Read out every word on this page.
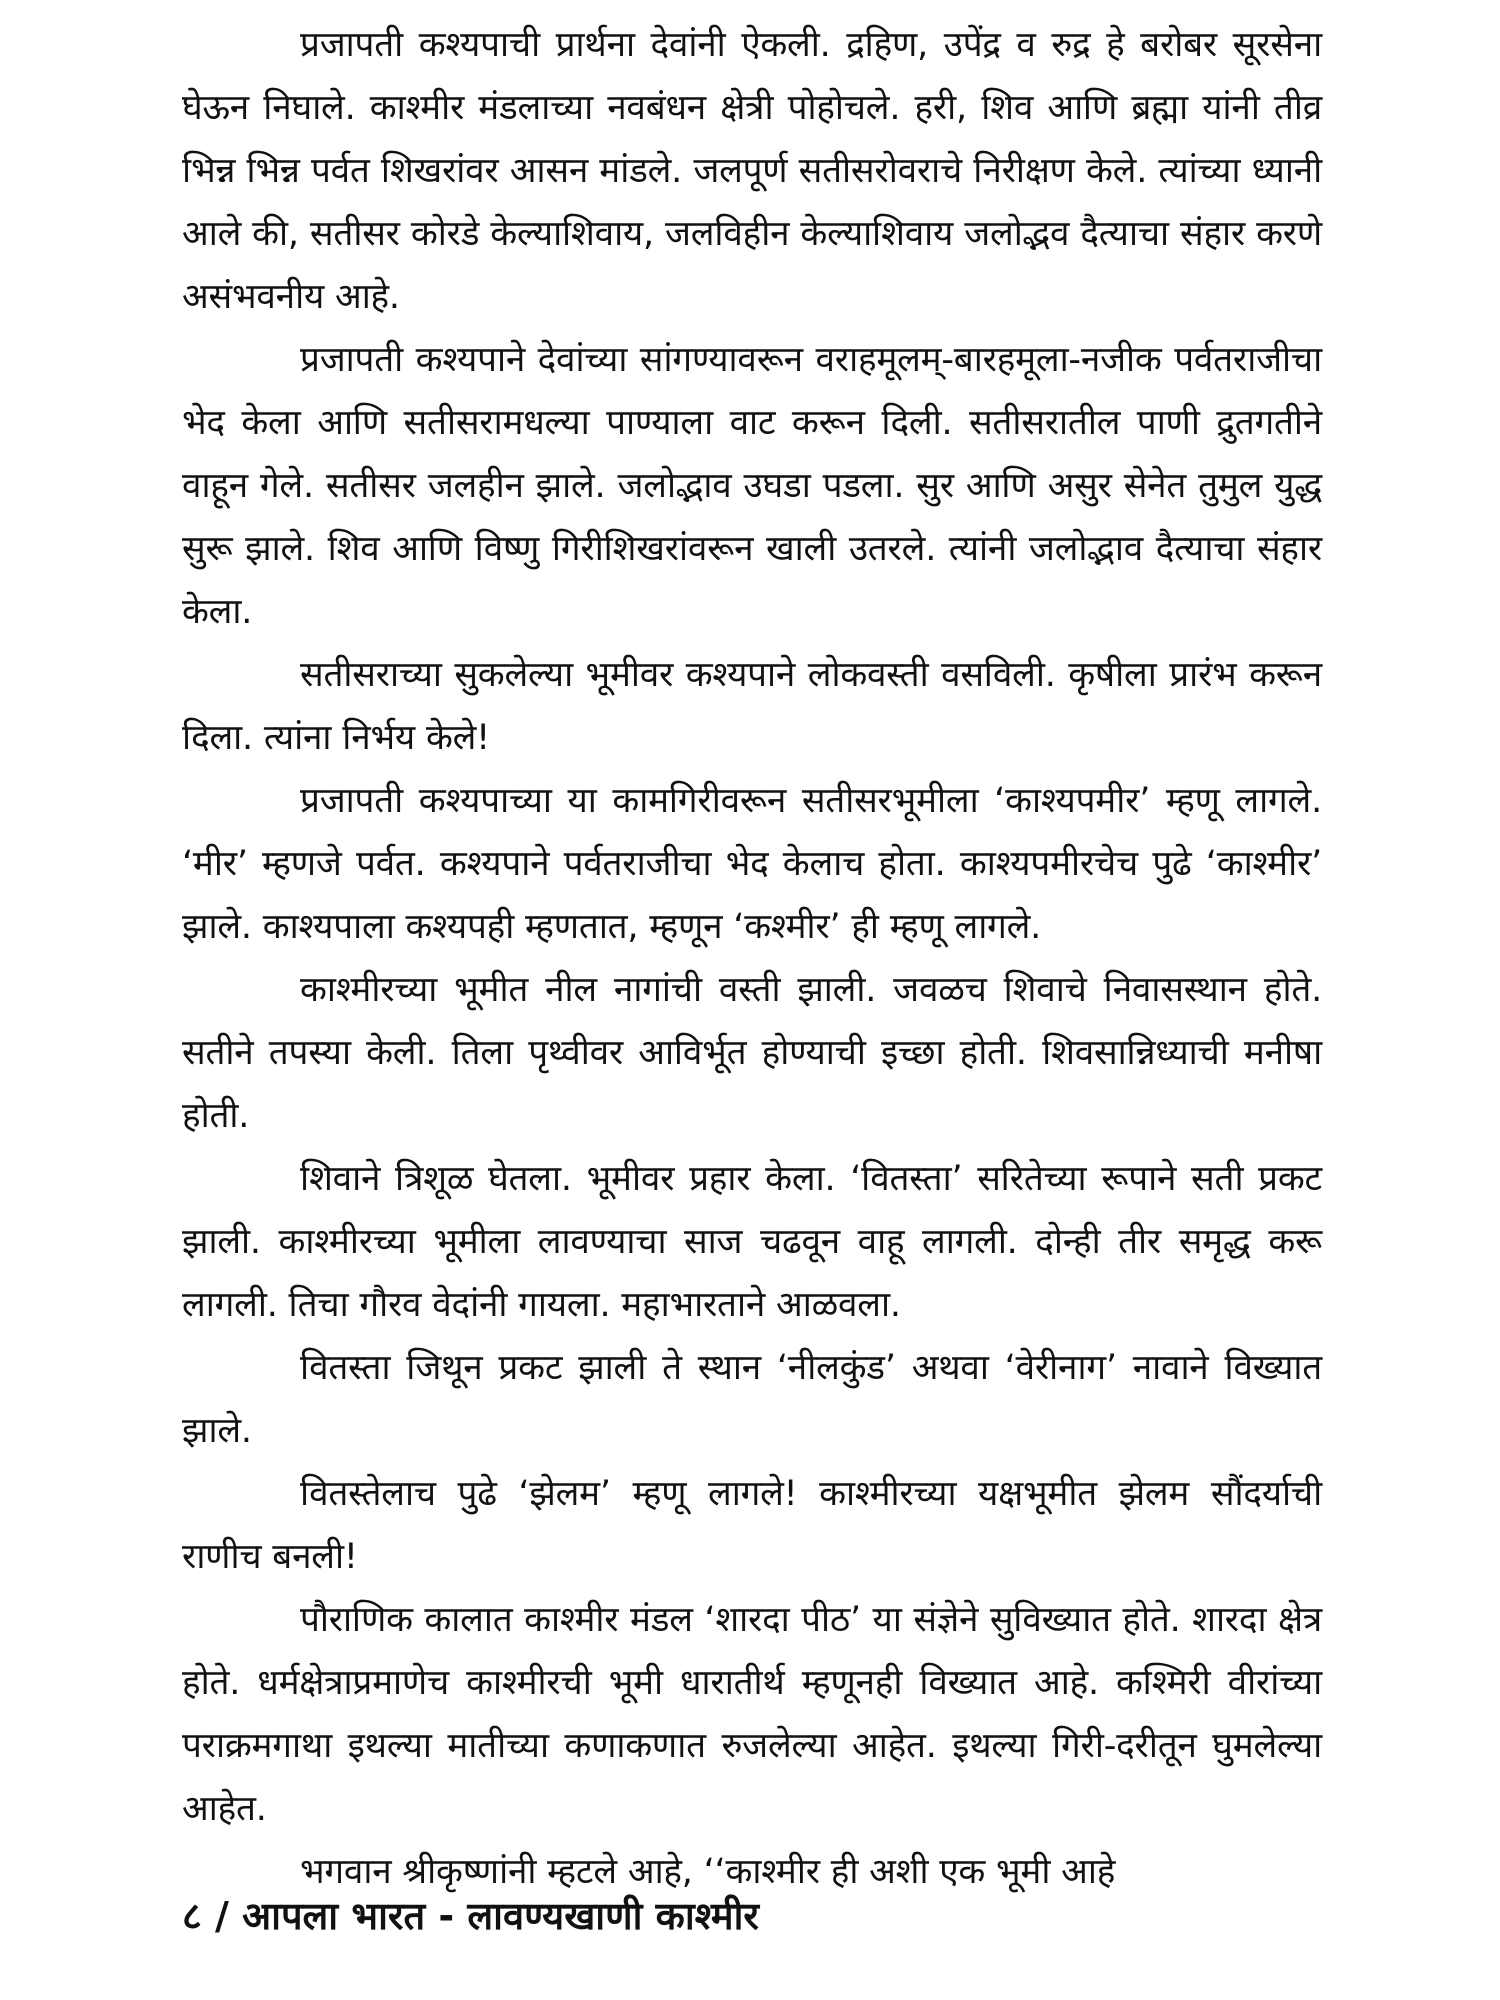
प्रजापती कश्यपाची प्रार्थना देवांनी ऐकली. द्रहिण, उपेंद्र व रुद्र हे बरोबर सूरसेना घेऊन निघाले. काश्मीर मंडलाच्या नवबंधन क्षेत्री पोहोचले. हरी, शिव आणि ब्रह्मा यांनी तीव्र भिन्न भिन्न पर्वत शिखरांवर आसन मांडले. जलपूर्ण सतीसरोवराचे निरीक्षण केले. त्यांच्या ध्यानी आले की, सतीसर कोरडे केल्याशिवाय, जलविहीन केल्याशिवाय जलोद्भव दैत्याचा संहार करणे असंभवनीय आहे.

प्रजापती कश्यपाने देवांच्या सांगण्यावरून वराहमूलम्-बारहमूला-नजीक पर्वतराजीचा भेद केला आणि सतीसरामधल्या पाण्याला वाट करून दिली. सतीसरातील पाणी द्रुतगतीने वाहून गेले. सतीसर जलहीन झाले. जलोद्भाव उघडा पडला. सुर आणि असुर सेनेत तुमुल युद्ध सुरू झाले. शिव आणि विष्णु गिरीशिखरांवरून खाली उतरले. त्यांनी जलोद्भाव दैत्याचा संहार केला.

सतीसराच्या सुकलेल्या भूमीवर कश्यपाने लोकवस्ती वसविली. कृषीला प्रारंभ करून दिला. त्यांना निर्भय केले!

प्रजापती कश्यपाच्या या कामगिरीवरून सतीसरभूमीला ‘काश्यपमीर’ म्हणू लागले. ‘मीर’ म्हणजे पर्वत. कश्यपाने पर्वतराजीचा भेद केलाच होता. काश्यपमीरचेच पुढे ‘काश्मीर’ झाले. काश्यपाला कश्यपही म्हणतात, म्हणून ‘कश्मीर’ ही म्हणू लागले.

काश्मीरच्या भूमीत नील नागांची वस्ती झाली. जवळच शिवाचे निवासस्थान होते. सतीने तपस्या केली. तिला पृथ्वीवर आविर्भूत होण्याची इच्छा होती. शिवसान्निध्याची मनीषा होती.

शिवाने त्रिशूळ घेतला. भूमीवर प्रहार केला. ‘वितस्ता’ सरितेच्या रूपाने सती प्रकट झाली. काश्मीरच्या भूमीला लावण्याचा साज चढवून वाहू लागली. दोन्ही तीर समृद्ध करू लागली. तिचा गौरव वेदांनी गायला. महाभारताने आळवला.

वितस्ता जिथून प्रकट झाली ते स्थान ‘नीलकुंड’ अथवा ‘वेरीनाग’ नावाने विख्यात झाले.

वितस्तेलाच पुढे ‘झेलम’ म्हणू लागले! काश्मीरच्या यक्षभूमीत झेलम सौंदर्याची राणीच बनली!

पौराणिक कालात काश्मीर मंडल ‘शारदा पीठ’ या संज्ञेने सुविख्यात होते. शारदा क्षेत्र होते. धर्मक्षेत्राप्रमाणेच काश्मीरची भूमी धारातीर्थ म्हणूनही विख्यात आहे. कश्मिरी वीरांच्या पराक्रमगाथा इथल्या मातीच्या कणाकणात रुजलेल्या आहेत. इथल्या गिरी-दरीतून घुमलेल्या आहेत.

भगवान श्रीकृष्णांनी म्हटले आहे, ‘‘काश्मीर ही अशी एक भूमी आहे

८ / आपला भारत - लावण्यखाणी काश्मीर
